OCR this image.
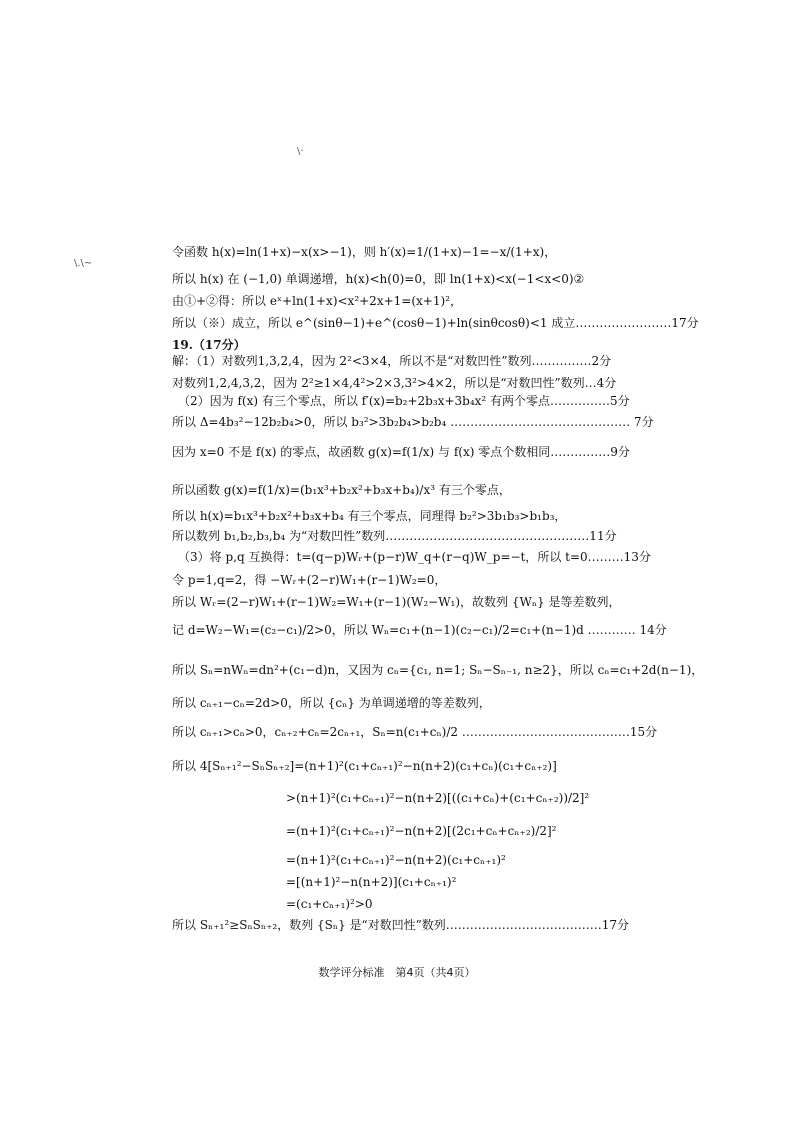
\·
\.\~
令函数 h(x)=ln(1+x)−x(x>−1)，则 h′(x)=1/(1+x)−1=−x/(1+x)，
所以 h(x) 在 (−1,0) 单调递增，h(x)<h(0)=0，即 ln(1+x)<x(−1<x<0)②
由①+②得：所以 eˣ+ln(1+x)<x²+2x+1=(x+1)²，
所以（※）成立，所以 e^(sinθ−1)+e^(cosθ−1)+ln(sinθcosθ)<1 成立……………………17分
19.（17分）
解：（1）对数列1,3,2,4，因为 2²<3×4，所以不是“对数凹性”数列……………2分
对数列1,2,4,3,2，因为 2²≥1×4,4²>2×3,3²>4×2，所以是“对数凹性”数列…4分
（2）因为 f(x) 有三个零点，所以 f′(x)=b₂+2b₃x+3b₄x² 有两个零点……………5分
所以 Δ=4b₃²−12b₂b₄>0，所以 b₃²>3b₂b₄>b₂b₄ ……………………………………… 7分
因为 x=0 不是 f(x) 的零点，故函数 g(x)=f(1/x) 与 f(x) 零点个数相同……………9分
所以函数 g(x)=f(1/x)=(b₁x³+b₂x²+b₃x+b₄)/x³ 有三个零点，
所以 h(x)=b₁x³+b₂x²+b₃x+b₄ 有三个零点，同理得 b₂²>3b₁b₃>b₁b₃，
所以数列 b₁,b₂,b₃,b₄ 为“对数凹性”数列……………………………………………11分
（3）将 p,q 互换得：t=(q−p)Wᵣ+(p−r)W_q+(r−q)W_p=−t，所以 t=0………13分
令 p=1,q=2，得 −Wᵣ+(2−r)W₁+(r−1)W₂=0，
所以 Wᵣ=(2−r)W₁+(r−1)W₂=W₁+(r−1)(W₂−W₁)，故数列 {Wₙ} 是等差数列，
记 d=W₂−W₁=(c₂−c₁)/2>0，所以 Wₙ=c₁+(n−1)(c₂−c₁)/2=c₁+(n−1)d ………… 14分
所以 Sₙ=nWₙ=dn²+(c₁−d)n，又因为 cₙ={c₁, n=1; Sₙ−Sₙ₋₁, n≥2}，所以 cₙ=c₁+2d(n−1)，
所以 cₙ₊₁−cₙ=2d>0，所以 {cₙ} 为单调递增的等差数列，
所以 cₙ₊₁>cₙ>0，cₙ₊₂+cₙ=2cₙ₊₁，Sₙ=n(c₁+cₙ)/2 ……………………………………15分
所以 4[Sₙ₊₁²−SₙSₙ₊₂]=(n+1)²(c₁+cₙ₊₁)²−n(n+2)(c₁+cₙ)(c₁+cₙ₊₂)]
>(n+1)²(c₁+cₙ₊₁)²−n(n+2)[((c₁+cₙ)+(c₁+cₙ₊₂))/2]²
=(n+1)²(c₁+cₙ₊₁)²−n(n+2)[(2c₁+cₙ+cₙ₊₂)/2]²
=(n+1)²(c₁+cₙ₊₁)²−n(n+2)(c₁+cₙ₊₁)²
=[(n+1)²−n(n+2)](c₁+cₙ₊₁)²
=(c₁+cₙ₊₁)²>0
所以 Sₙ₊₁²≥SₙSₙ₊₂，数列 {Sₙ} 是“对数凹性”数列…………………………………17分
数学评分标准　第4页（共4页）
